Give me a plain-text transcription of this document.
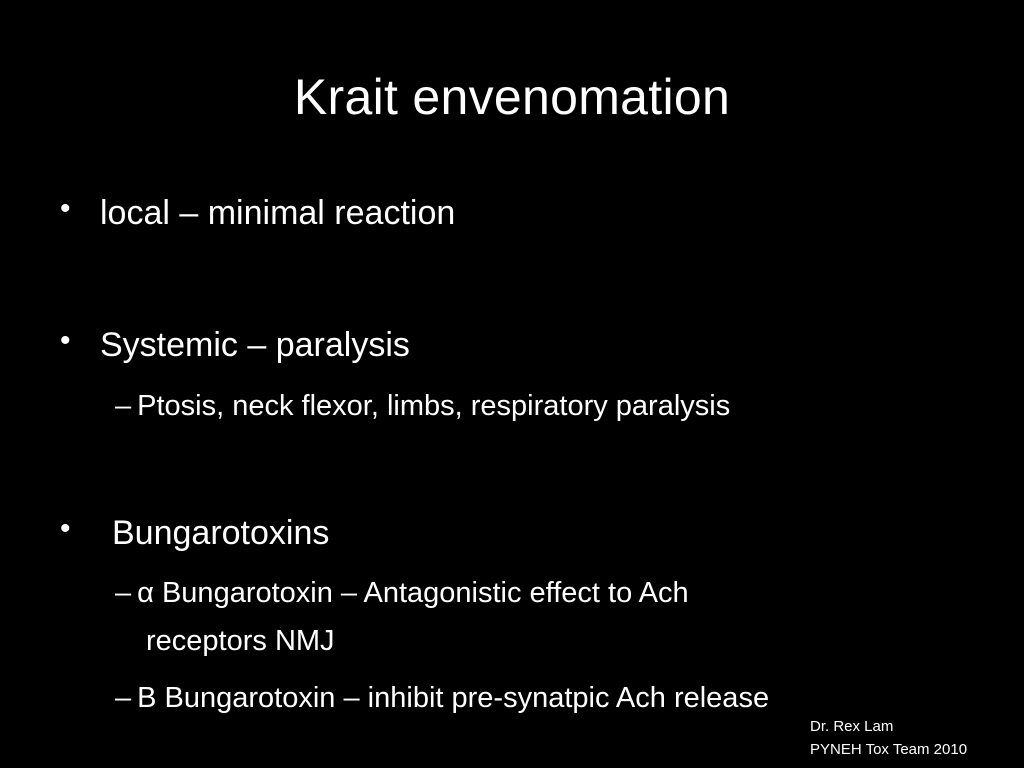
Krait envenomation
• local – minimal reaction
• Systemic – paralysis
– Ptosis, neck flexor, limbs, respiratory paralysis
• Bungarotoxins
– α Bungarotoxin – Antagonistic effect to Ach
receptors NMJ
– Β Bungarotoxin – inhibit pre-synatpic Ach release
Dr. Rex Lam
PYNEH Tox Team 2010
